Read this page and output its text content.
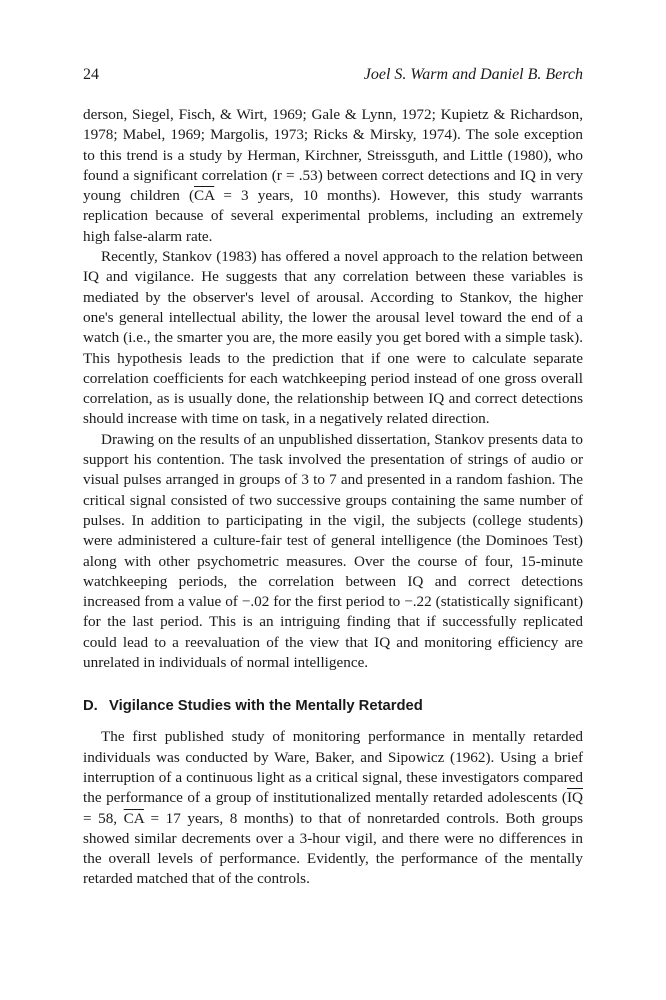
24	Joel S. Warm and Daniel B. Berch

derson, Siegel, Fisch, & Wirt, 1969; Gale & Lynn, 1972; Kupietz & Richardson, 1978; Mabel, 1969; Margolis, 1973; Ricks & Mirsky, 1974). The sole exception to this trend is a study by Herman, Kirchner, Streissguth, and Little (1980), who found a significant correlation (r = .53) between correct detections and IQ in very young children ($\overline{CA} = 3$ years, 10 months). However, this study warrants replication because of several experimental problems, including an extremely high false-alarm rate.

Recently, Stankov (1983) has offered a novel approach to the relation between IQ and vigilance. He suggests that any correlation between these variables is mediated by the observer's level of arousal. According to Stankov, the higher one's general intellectual ability, the lower the arousal level toward the end of a watch (i.e., the smarter you are, the more easily you get bored with a simple task). This hypothesis leads to the prediction that if one were to calculate separate correlation coefficients for each watchkeeping period instead of one gross overall correlation, as is usually done, the relationship between IQ and correct detections should increase with time on task, in a negatively related direction.

Drawing on the results of an unpublished dissertation, Stankov presents data to support his contention. The task involved the presentation of strings of audio or visual pulses arranged in groups of 3 to 7 and presented in a random fashion. The critical signal consisted of two successive groups containing the same number of pulses. In addition to participating in the vigil, the subjects (college students) were administered a culture-fair test of general intelligence (the Dominoes Test) along with other psychometric measures. Over the course of four, 15-minute watchkeeping periods, the correlation between IQ and correct detections increased from a value of −.02 for the first period to −.22 (statistically significant) for the last period. This is an intriguing finding that if successfully replicated could lead to a reevaluation of the view that IQ and monitoring efficiency are unrelated in individuals of normal intelligence.

D. Vigilance Studies with the Mentally Retarded

The first published study of monitoring performance in mentally retarded individuals was conducted by Ware, Baker, and Sipowicz (1962). Using a brief interruption of a continuous light as a critical signal, these investigators compared the performance of a group of institutionalized mentally retarded adolescents ($\overline{IQ} = 58$, $\overline{CA} = 17$ years, 8 months) to that of nonretarded controls. Both groups showed similar decrements over a 3-hour vigil, and there were no differences in the overall levels of performance. Evidently, the performance of the mentally retarded matched that of the controls.
